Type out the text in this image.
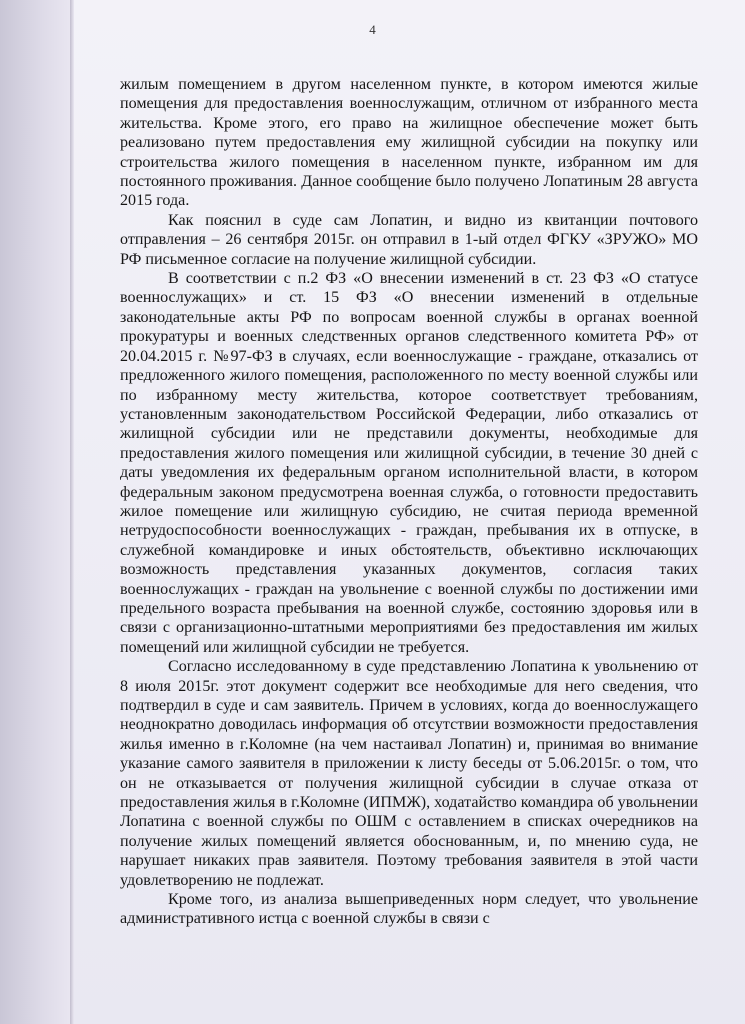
4

жилым помещением в другом населенном пункте, в котором имеются жилые помещения для предоставления военнослужащим, отличном от избранного места жительства. Кроме этого, его право на жилищное обеспечение может быть реализовано путем предоставления ему жилищной субсидии на покупку или строительства жилого помещения в населенном пункте, избранном им для постоянного проживания. Данное сообщение было получено Лопатиным 28 августа 2015 года.

Как пояснил в суде сам Лопатин, и видно из квитанции почтового отправления – 26 сентября 2015г. он отправил в 1-ый отдел ФГКУ «ЗРУЖО» МО РФ письменное согласие на получение жилищной субсидии.

В соответствии с п.2 ФЗ «О внесении изменений в ст. 23 ФЗ «О статусе военнослужащих» и ст. 15 ФЗ «О внесении изменений в отдельные законодательные акты РФ по вопросам военной службы в органах военной прокуратуры и военных следственных органов следственного комитета РФ» от 20.04.2015 г. №97-ФЗ в случаях, если военнослужащие - граждане, отказались от предложенного жилого помещения, расположенного по месту военной службы или по избранному месту жительства, которое соответствует требованиям, установленным законодательством Российской Федерации, либо отказались от жилищной субсидии или не представили документы, необходимые для предоставления жилого помещения или жилищной субсидии, в течение 30 дней с даты уведомления их федеральным органом исполнительной власти, в котором федеральным законом предусмотрена военная служба, о готовности предоставить жилое помещение или жилищную субсидию, не считая периода временной нетрудоспособности военнослужащих - граждан, пребывания их в отпуске, в служебной командировке и иных обстоятельств, объективно исключающих возможность представления указанных документов, согласия таких военнослужащих - граждан на увольнение с военной службы по достижении ими предельного возраста пребывания на военной службе, состоянию здоровья или в связи с организационно-штатными мероприятиями без предоставления им жилых помещений или жилищной субсидии не требуется.

Согласно исследованному в суде представлению Лопатина к увольнению от 8 июля 2015г. этот документ содержит все необходимые для него сведения, что подтвердил в суде и сам заявитель. Причем в условиях, когда до военнослужащего неоднократно доводилась информация об отсутствии возможности предоставления жилья именно в г.Коломне (на чем настаивал Лопатин) и, принимая во внимание указание самого заявителя в приложении к листу беседы от 5.06.2015г. о том, что он не отказывается от получения жилищной субсидии в случае отказа от предоставления жилья в г.Коломне (ИПМЖ), ходатайство командира об увольнении Лопатина с военной службы по ОШМ с оставлением в списках очередников на получение жилых помещений является обоснованным, и, по мнению суда, не нарушает никаких прав заявителя. Поэтому требования заявителя в этой части удовлетворению не подлежат.

Кроме того, из анализа вышеприведенных норм следует, что увольнение административного истца с военной службы в связи с
